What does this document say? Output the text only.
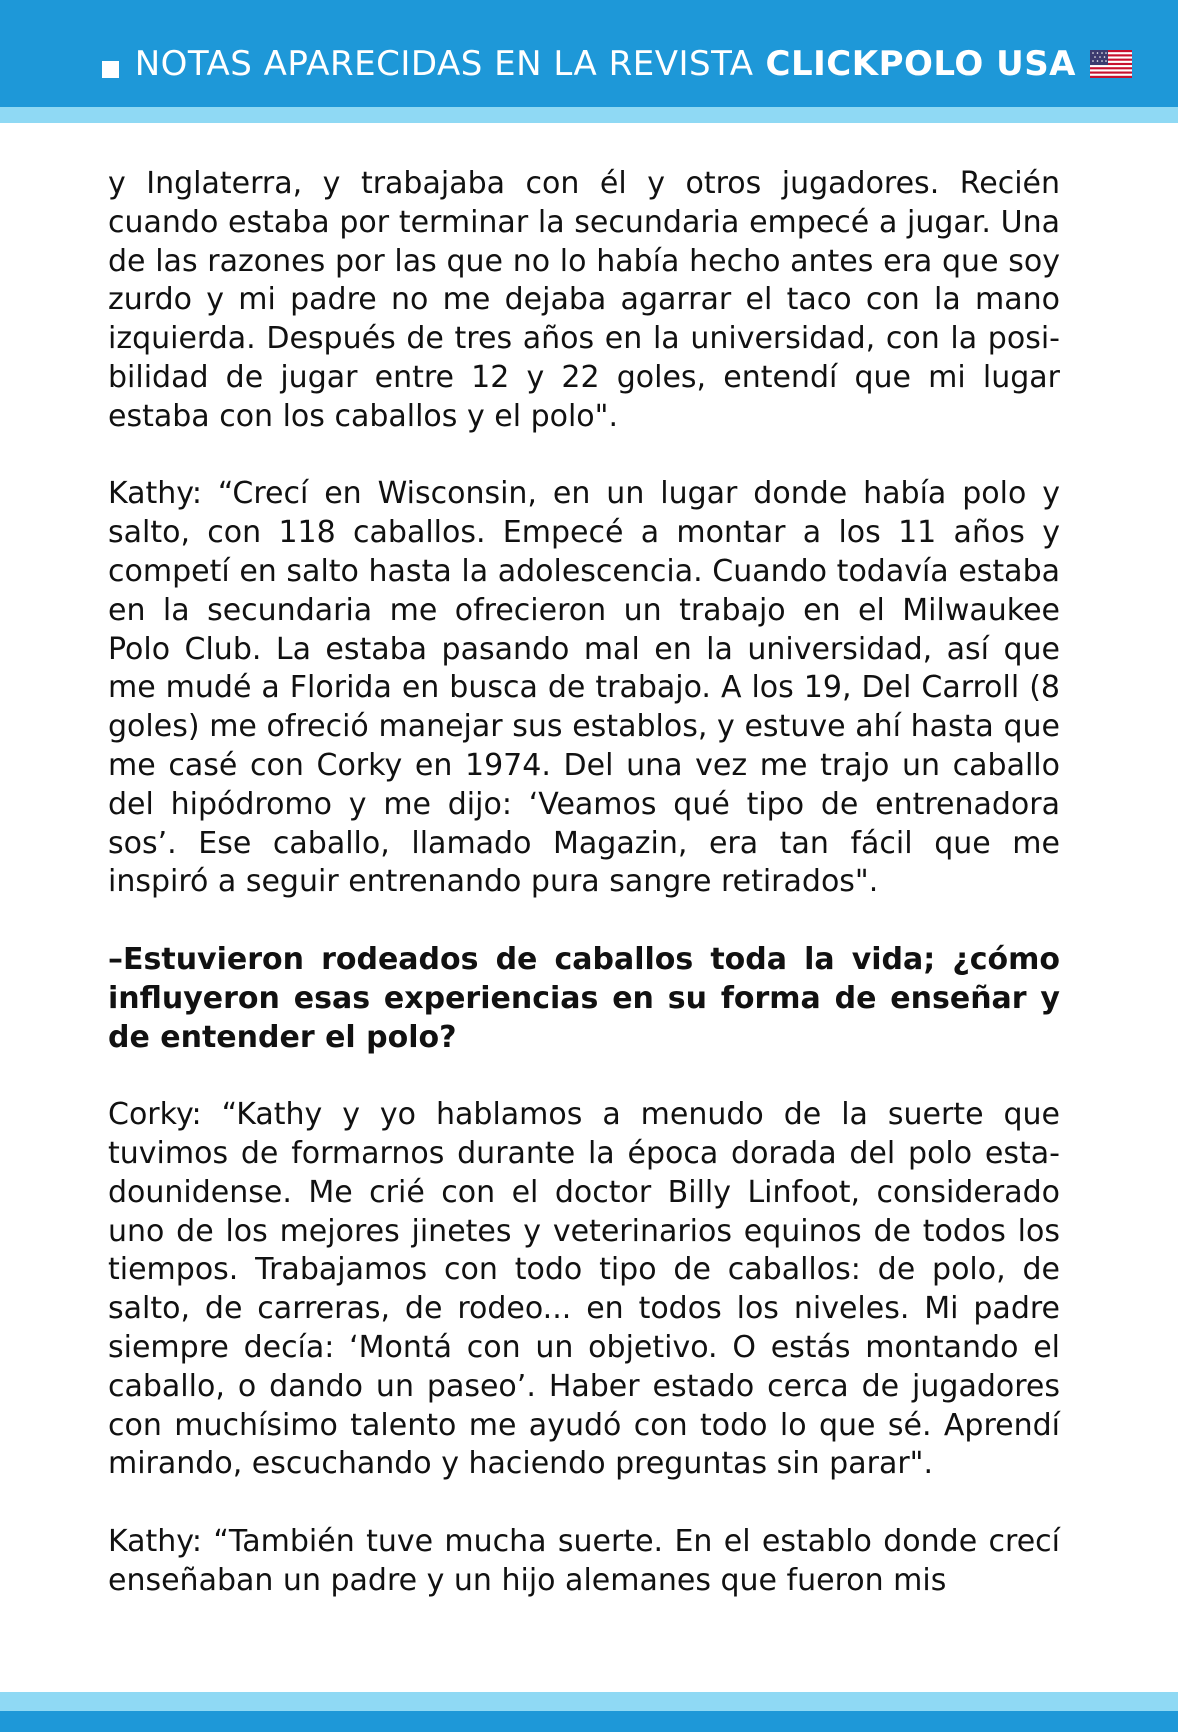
NOTAS APARECIDAS EN LA REVISTA CLICKPOLO USA

y Inglaterra, y trabajaba con él y otros jugadores. Recién cuando estaba por terminar la secundaria empecé a jugar. Una de las razones por las que no lo había hecho antes era que soy zurdo y mi padre no me dejaba agarrar el taco con la mano izquierda. Después de tres años en la universidad, con la posibilidad de jugar entre 12 y 22 goles, entendí que mi lugar estaba con los caballos y el polo".

Kathy: “Crecí en Wisconsin, en un lugar donde había polo y salto, con 118 caballos. Empecé a montar a los 11 años y competí en salto hasta la adolescencia. Cuando todavía estaba en la secundaria me ofrecieron un trabajo en el Milwaukee Polo Club. La estaba pasando mal en la universidad, así que me mudé a Florida en busca de trabajo. A los 19, Del Carroll (8 goles) me ofreció manejar sus establos, y estuve ahí hasta que me casé con Corky en 1974. Del una vez me trajo un caballo del hipódromo y me dijo: ‘Veamos qué tipo de entrenadora sos’. Ese caballo, llamado Magazin, era tan fácil que me inspiró a seguir entrenando pura sangre retirados".

–Estuvieron rodeados de caballos toda la vida; ¿cómo influyeron esas experiencias en su forma de enseñar y de entender el polo?

Corky: “Kathy y yo hablamos a menudo de la suerte que tuvimos de formarnos durante la época dorada del polo estadounidense. Me crié con el doctor Billy Linfoot, considerado uno de los mejores jinetes y veterinarios equinos de todos los tiempos. Trabajamos con todo tipo de caballos: de polo, de salto, de carreras, de rodeo... en todos los niveles. Mi padre siempre decía: ‘Montá con un objetivo. O estás montando el caballo, o dando un paseo’. Haber estado cerca de jugadores con muchísimo talento me ayudó con todo lo que sé. Aprendí mirando, escuchando y haciendo preguntas sin parar".

Kathy: “También tuve mucha suerte. En el establo donde crecí enseñaban un padre y un hijo alemanes que fueron mis
